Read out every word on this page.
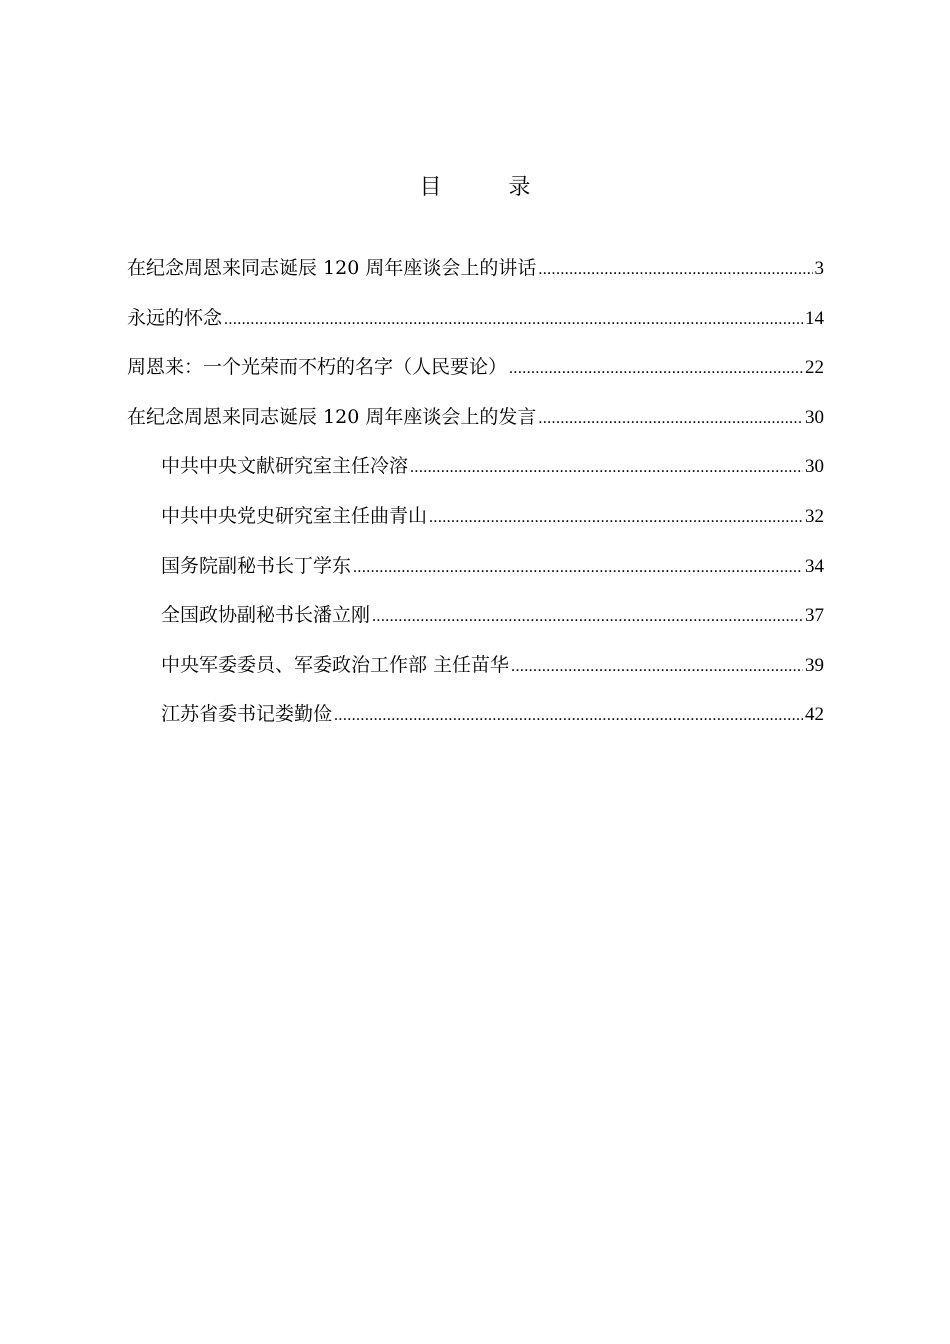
目 录
在纪念周恩来同志诞辰 120 周年座谈会上的讲话 .....	3
永远的怀念 .....	14
周恩来：一个光荣而不朽的名字（人民要论） .....	22
在纪念周恩来同志诞辰 120 周年座谈会上的发言 .....	30
中共中央文献研究室主任冷溶 .....	30
中共中央党史研究室主任曲青山 .....	32
国务院副秘书长丁学东 .....	34
全国政协副秘书长潘立刚 .....	37
中央军委委员、军委政治工作部 主任苗华 .....	39
江苏省委书记娄勤俭 .....	42
